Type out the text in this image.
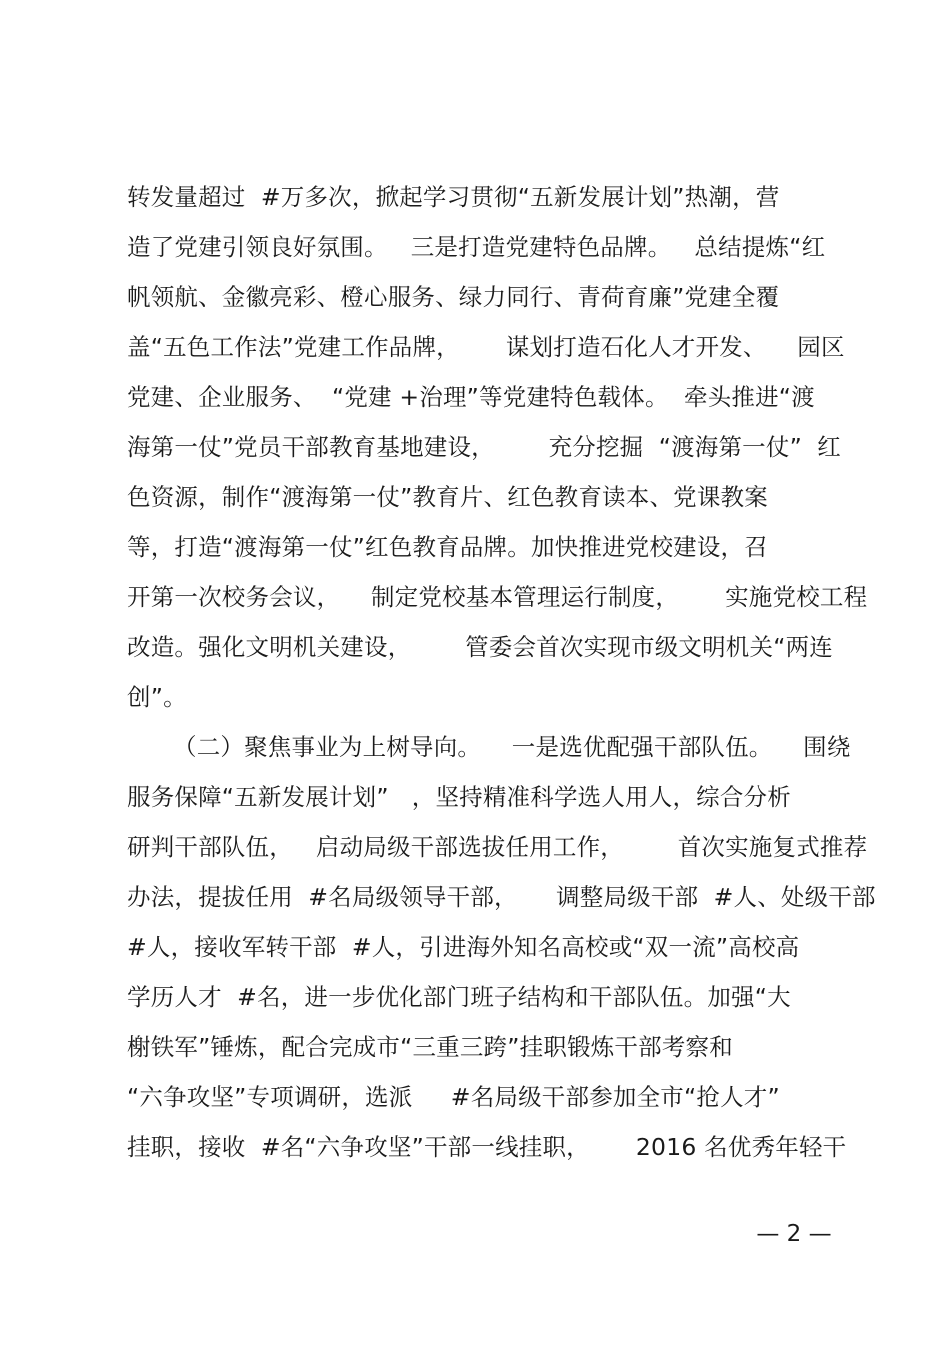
转发量超过  #万多次，掀起学习贯彻“五新发展计划”热潮，营
造了党建引领良好氛围。   三是打造党建特色品牌。   总结提炼“红
帆领航、金徽亮彩、橙心服务、绿力同行、青荷育廉”党建全覆
盖“五色工作法”党建工作品牌，      谋划打造石化人才开发、    园区
党建、企业服务、  “党建 +治理”等党建特色载体。  牵头推进“渡
海第一仗”党员干部教育基地建设，       充分挖掘  “渡海第一仗”  红
色资源，制作“渡海第一仗”教育片、红色教育读本、党课教案
等，打造“渡海第一仗”红色教育品牌。加快推进党校建设，召
开第一次校务会议，    制定党校基本管理运行制度，      实施党校工程
改造。强化文明机关建设，       管委会首次实现市级文明机关“两连
创”。
（二）聚焦事业为上树导向。    一是选优配强干部队伍。    围绕
服务保障“五新发展计划”   ，坚持精准科学选人用人，综合分析
研判干部队伍，   启动局级干部选拔任用工作，       首次实施复式推荐
办法，提拔任用  #名局级领导干部，     调整局级干部  #人、处级干部
#人，接收军转干部  #人，引进海外知名高校或“双一流”高校高
学历人才  #名，进一步优化部门班子结构和干部队伍。加强“大
榭铁军”锤炼，配合完成市“三重三跨”挂职锻炼干部考察和
“六争攻坚”专项调研，选派     #名局级干部参加全市“抢人才”
挂职，接收  #名“六争攻坚”干部一线挂职，      2016 名优秀年轻干
— 2 —
